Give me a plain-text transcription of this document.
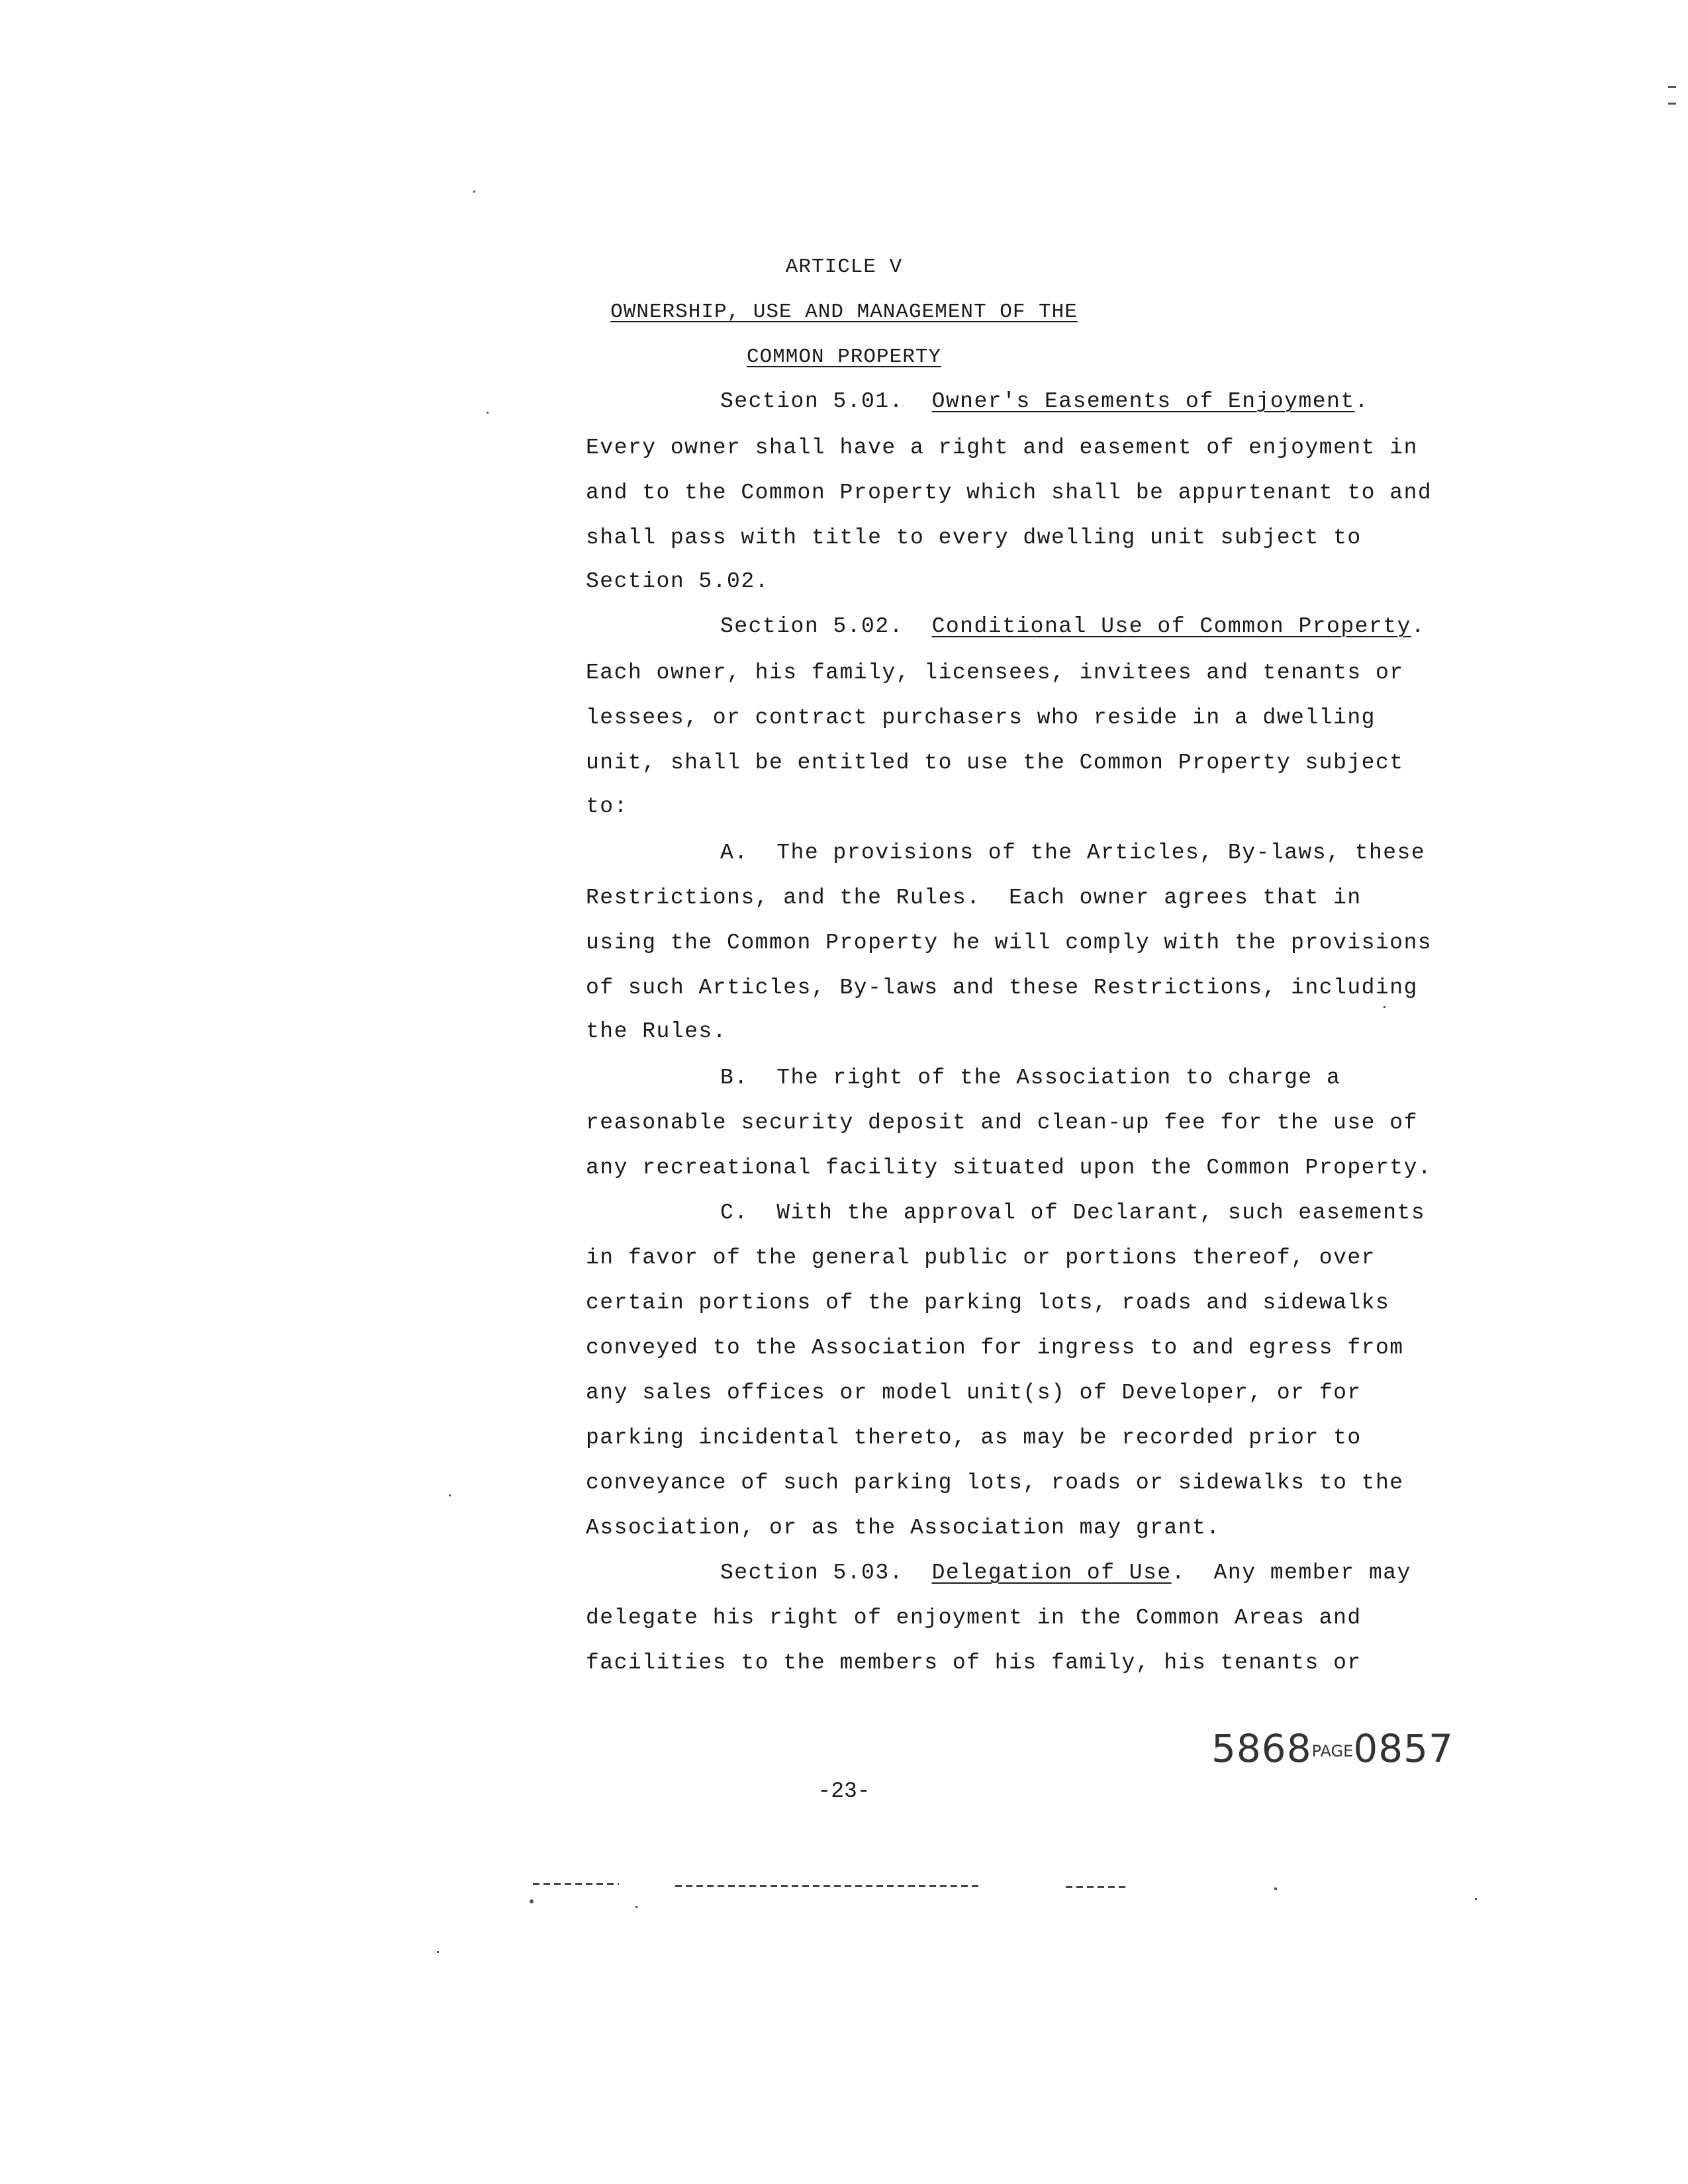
ARTICLE V
OWNERSHIP, USE AND MANAGEMENT OF THE
COMMON PROPERTY
Section 5.01. Owner's Easements of Enjoyment.
Every owner shall have a right and easement of enjoyment in
and to the Common Property which shall be appurtenant to and
shall pass with title to every dwelling unit subject to
Section 5.02.
Section 5.02. Conditional Use of Common Property.
Each owner, his family, licensees, invitees and tenants or
lessees, or contract purchasers who reside in a dwelling
unit, shall be entitled to use the Common Property subject
to:
A.  The provisions of the Articles, By-laws, these
Restrictions, and the Rules.  Each owner agrees that in
using the Common Property he will comply with the provisions
of such Articles, By-laws and these Restrictions, including
the Rules.
B.  The right of the Association to charge a
reasonable security deposit and clean-up fee for the use of
any recreational facility situated upon the Common Property.
C.  With the approval of Declarant, such easements
in favor of the general public or portions thereof, over
certain portions of the parking lots, roads and sidewalks
conveyed to the Association for ingress to and egress from
any sales offices or model unit(s) of Developer, or for
parking incidental thereto, as may be recorded prior to
conveyance of such parking lots, roads or sidewalks to the
Association, or as the Association may grant.
Section 5.03. Delegation of Use.  Any member may
delegate his right of enjoyment in the Common Areas and
facilities to the members of his family, his tenants or
5868PAGE0857
-23-
